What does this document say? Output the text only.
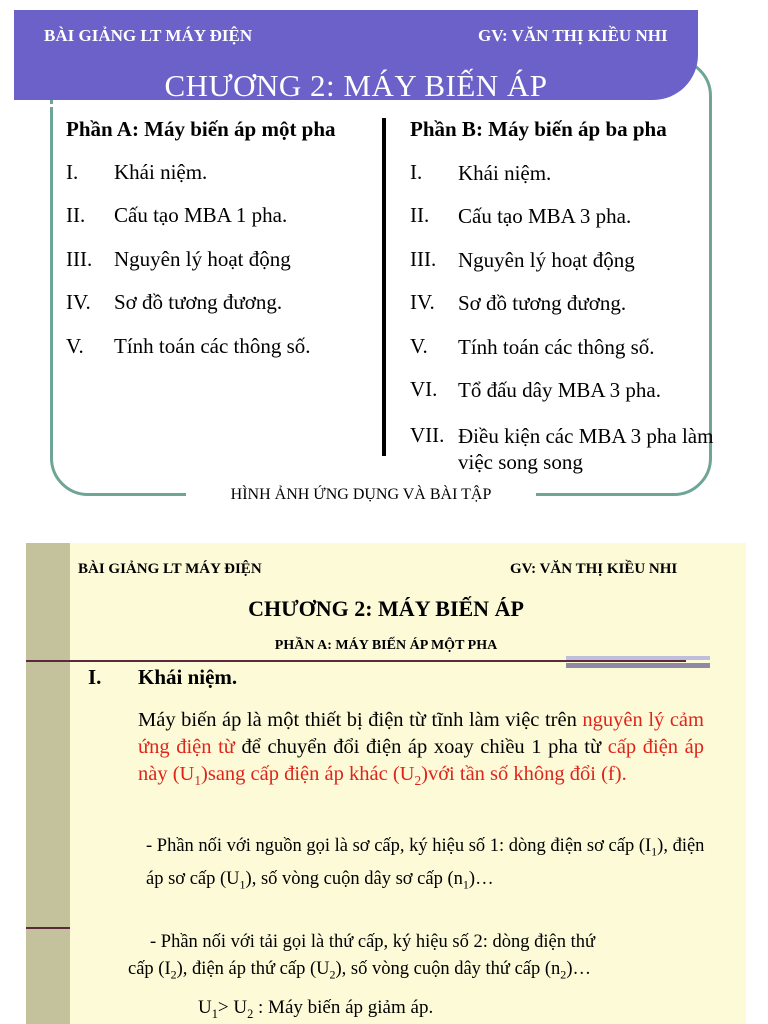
BÀI GIẢNG LT MÁY ĐIỆN	GV: VĂN THỊ KIỀU NHI
CHƯƠNG 2: MÁY BIẾN ÁP
Phần A: Máy biến áp một pha	Phần B: Máy biến áp ba pha
I. Khái niệm.
II. Cấu tạo MBA 1 pha.
III. Nguyên lý hoạt động
IV. Sơ đồ tương đương.
V. Tính toán các thông số.
I. Khái niệm.
II. Cấu tạo MBA 3 pha.
III. Nguyên lý hoạt động
IV. Sơ đồ tương đương.
V. Tính toán các thông số.
VI. Tổ đấu dây MBA 3 pha.
VII. Điều kiện các MBA 3 pha làm việc song song
HÌNH ẢNH ỨNG DỤNG VÀ BÀI TẬP
BÀI GIẢNG LT MÁY ĐIỆN	GV: VĂN THỊ KIỀU NHI
CHƯƠNG 2: MÁY BIẾN ÁP
PHẦN A: MÁY BIẾN ÁP MỘT PHA
I. Khái niệm.
Máy biến áp là một thiết bị điện từ tĩnh làm việc trên nguyên lý cảm ứng điện từ để chuyển đổi điện áp xoay chiều 1 pha từ cấp điện áp này $(U_1)sang$ cấp điện áp khác $(U_2)với$ tần số không đổi (f).
- Phần nối với nguồn gọi là sơ cấp, ký hiệu số 1: dòng điện sơ cấp $(I_1)$, điện áp sơ cấp $(U_1)$, số vòng cuộn dây sơ cấp $(n_1)\dots$
- Phần nối với tải gọi là thứ cấp, ký hiệu số 2: dòng điện thứ
cấp $(I_2)$, điện áp thứ cấp $(U_2)$, số vòng cuộn dây thứ cấp $(n_2)\dots$
$U_1> U_2$ : Máy biến áp giảm áp.
